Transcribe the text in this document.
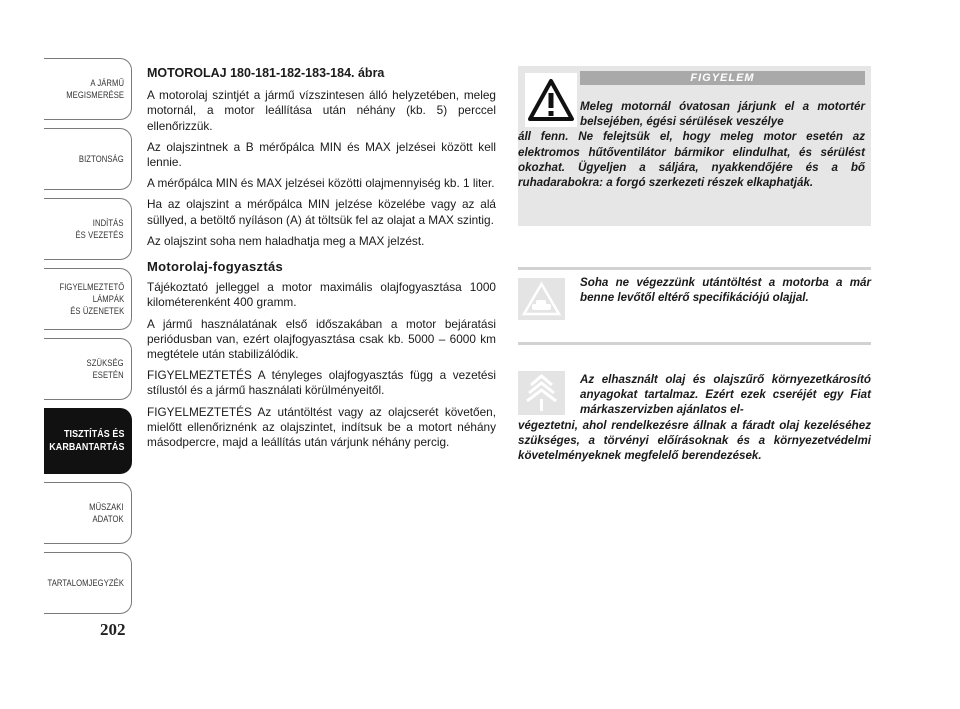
A JÁRMŰ
MEGISMERÉSE
BIZTONSÁG
INDÍTÁS
ÉS VEZETÉS
FIGYELMEZTETŐ
LÁMPÁK
ÉS ÜZENETEK
SZÜKSÉG
ESETÉN
TISZTÍTÁS ÉS
KARBANTARTÁS
MŰSZAKI
ADATOK
TARTALOMJEGYZÉK
202
MOTOROLAJ 180-181-182-183-184. ábra

A motorolaj szintjét a jármű vízszintesen álló helyzetében, meleg motornál, a motor leállítása után néhány (kb. 5) perccel ellenőrizzük.

Az olajszintnek a B mérőpálca MIN és MAX jelzései között kell lennie.

A mérőpálca MIN és MAX jelzései közötti olajmennyiség kb. 1 liter.

Ha az olajszint a mérőpálca MIN jelzése közelébe vagy az alá süllyed, a betöltő nyíláson (A) át töltsük fel az olajat a MAX szintig.

Az olajszint soha nem haladhatja meg a MAX jelzést.

Motorolaj-fogyasztás

Tájékoztató jelleggel a motor maximális olajfogyasztása 1000 kilométerenként 400 gramm.

A jármű használatának első időszakában a motor bejáratási periódusban van, ezért olajfogyasztása csak kb. 5000 – 6000 km megtétele után stabilizálódik.

FIGYELMEZTETÉS A tényleges olajfogyasztás függ a vezetési stílustól és a jármű használati körülményeitől.

FIGYELMEZTETÉS Az utántöltést vagy az olajcserét követően, mielőtt ellenőriznénk az olajszintet, indítsuk be a motort néhány másodpercre, majd a leállítás után várjunk néhány percig.

FIGYELEM
Meleg motornál óvatosan járjunk el a motortér belsejében, égési sérülések veszélye
áll fenn. Ne felejtsük el, hogy meleg motor esetén az elektromos hűtőventilátor bármikor elindulhat, és sérülést okozhat. Ügyeljen a sáljára, nyakkendőjére és a bő ruhadarabokra: a forgó szerkezeti részek elkaphatják.
Soha ne végezzünk utántöltést a motorba a már benne levőtől eltérő specifikációjú olajjal.
Az elhasznált olaj és olajszűrő környezetkárosító anyagokat tartalmaz. Ezért ezek cseréjét egy Fiat márkaszervizben ajánlatos el-
végeztetni, ahol rendelkezésre állnak a fáradt olaj kezeléséhez szükséges, a törvényi előírásoknak és a környezetvédelmi követelményeknek megfelelő berendezések.
